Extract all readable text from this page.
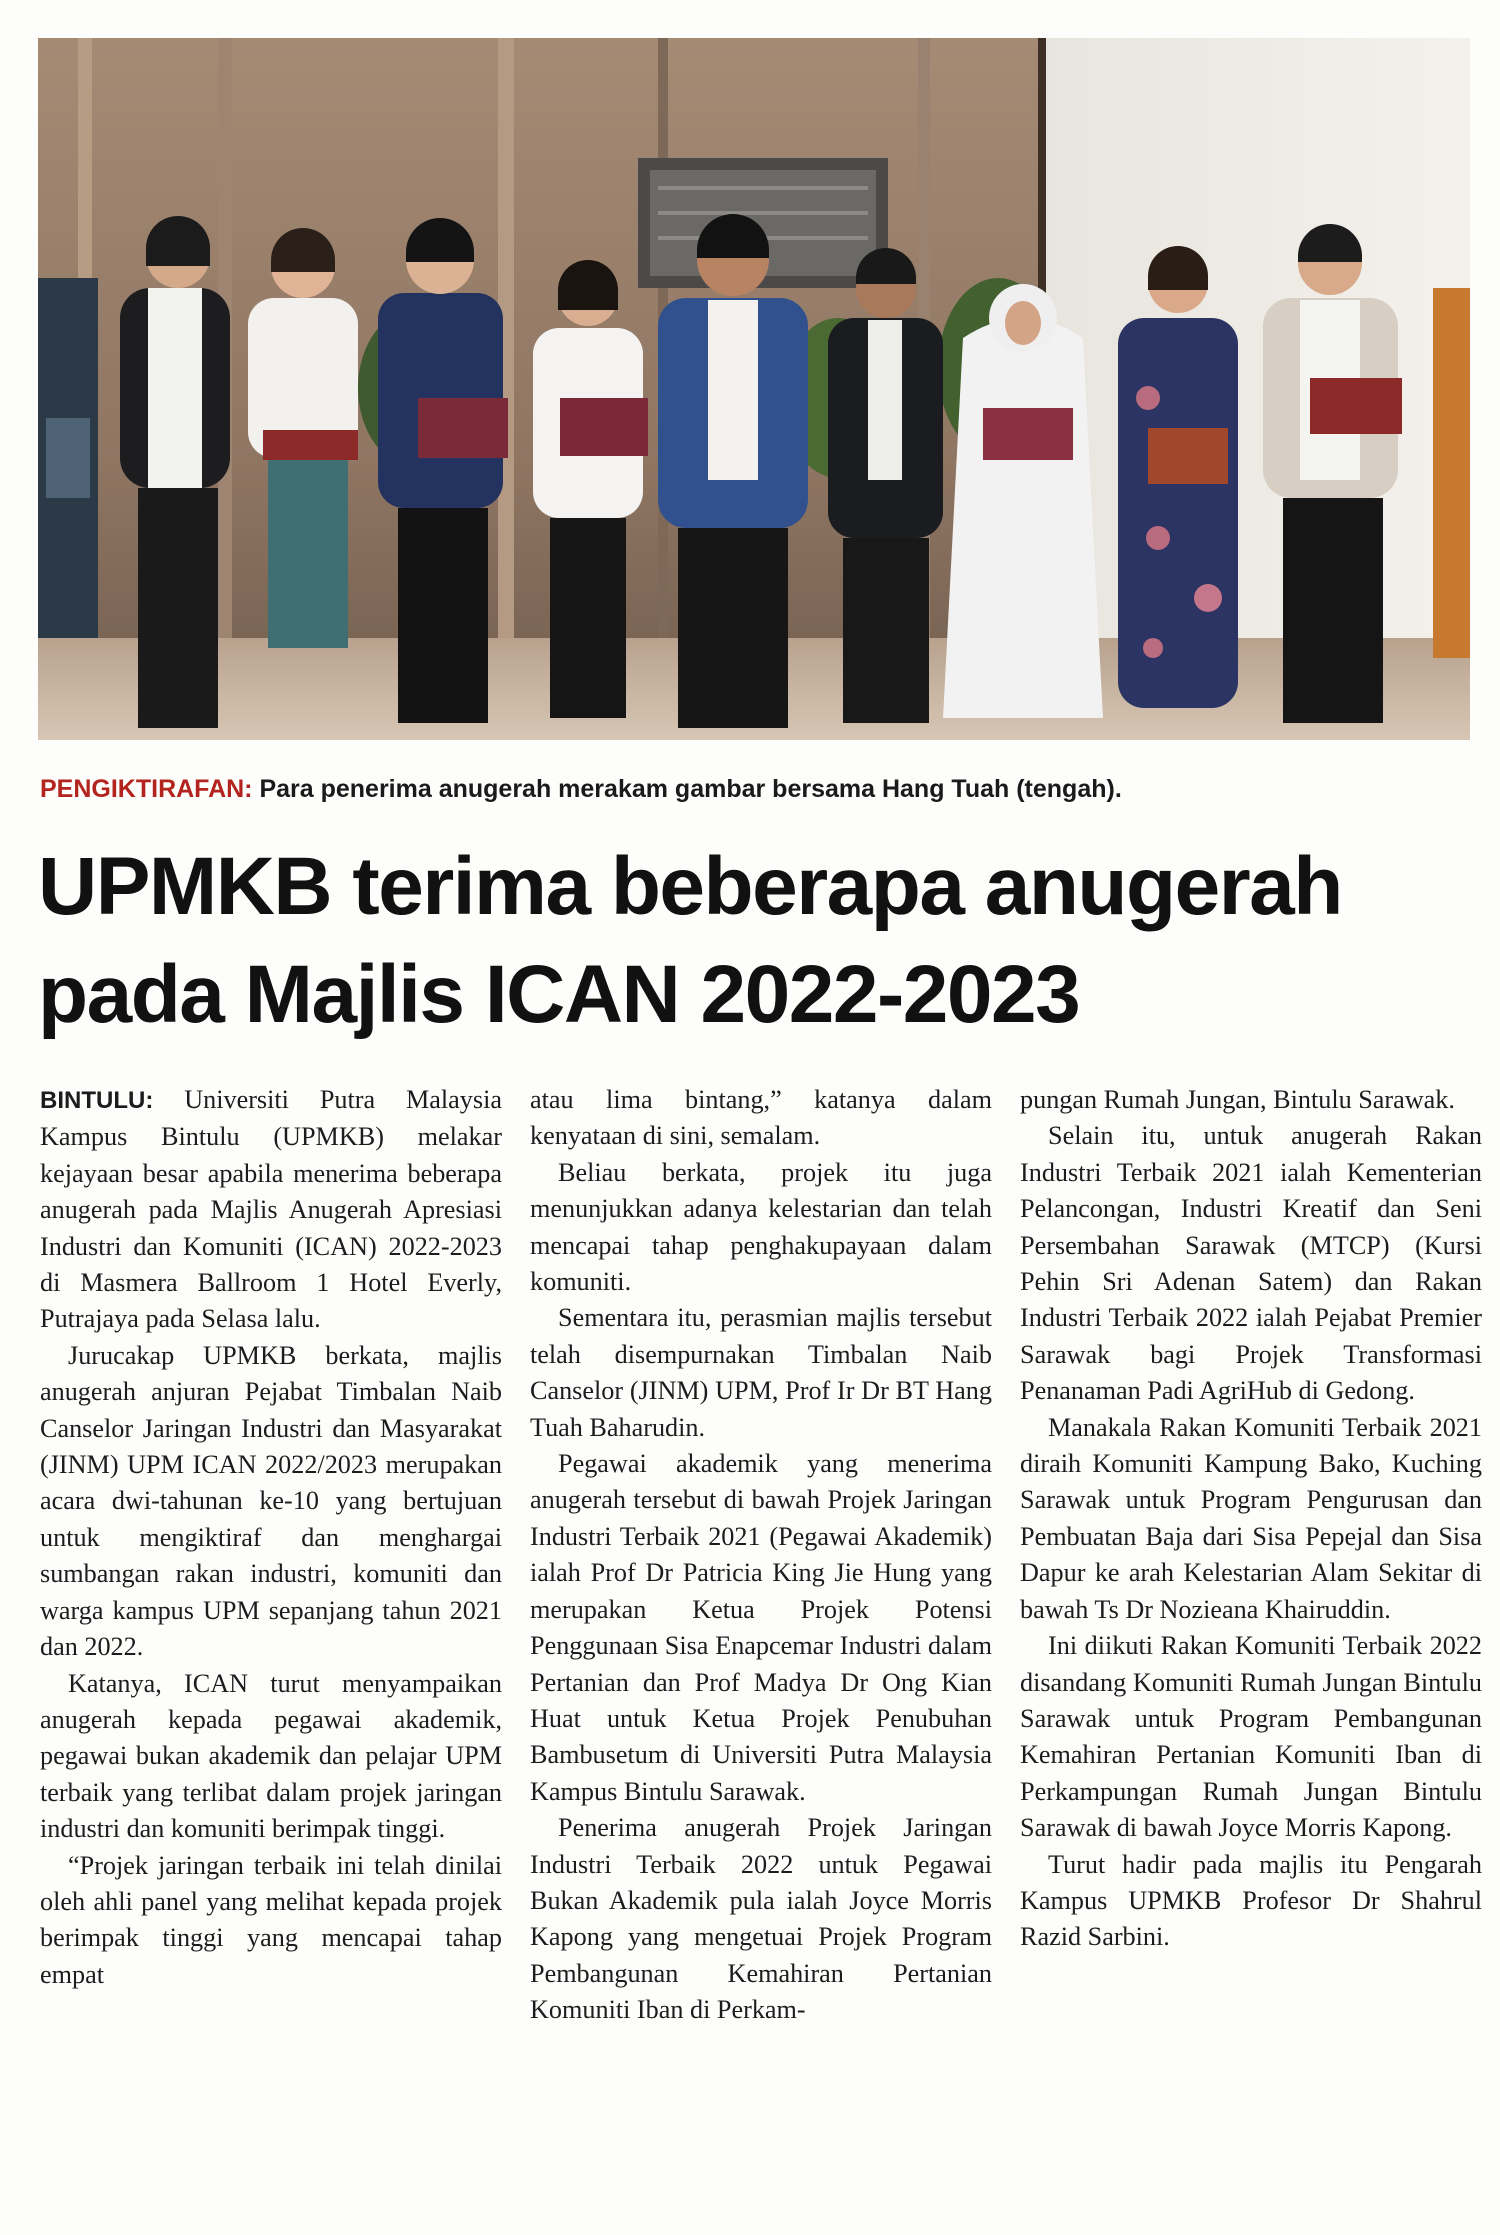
PENGIKTIRAFAN: Para penerima anugerah merakam gambar bersama Hang Tuah (tengah).
UPMKB terima beberapa anugerah
pada Majlis ICAN 2022-2023

BINTULU: Universiti Putra Malaysia Kampus Bintulu (UPMKB) melakar kejayaan besar apabila menerima beberapa anugerah pada Majlis Anugerah Apresiasi Industri dan Komuniti (ICAN) 2022-2023 di Masmera Ballroom 1 Hotel Everly, Putrajaya pada Selasa lalu.

Jurucakap UPMKB berkata, majlis anugerah anjuran Pejabat Timbalan Naib Canselor Jaringan Industri dan Masyarakat (JINM) UPM ICAN 2022/2023 merupakan acara dwi-tahunan ke-10 yang bertujuan untuk mengiktiraf dan menghargai sumbangan rakan industri, komuniti dan warga kampus UPM sepanjang tahun 2021 dan 2022.

Katanya, ICAN turut menyampaikan anugerah kepada pegawai akademik, pegawai bukan akademik dan pelajar UPM terbaik yang terlibat dalam projek jaringan industri dan komuniti berimpak tinggi.

“Projek jaringan terbaik ini telah dinilai oleh ahli panel yang melihat kepada projek berimpak tinggi yang mencapai tahap empat

atau lima bintang,” katanya dalam kenyataan di sini, semalam.

Beliau berkata, projek itu juga menunjukkan adanya kelestarian dan telah mencapai tahap penghakupayaan dalam komuniti.

Sementara itu, perasmian majlis tersebut telah disempurnakan Timbalan Naib Canselor (JINM) UPM, Prof Ir Dr BT Hang Tuah Baharudin.

Pegawai akademik yang menerima anugerah tersebut di bawah Projek Jaringan Industri Terbaik 2021 (Pegawai Akademik) ialah Prof Dr Patricia King Jie Hung yang merupakan Ketua Projek Potensi Penggunaan Sisa Enapcemar Industri dalam Pertanian dan Prof Madya Dr Ong Kian Huat untuk Ketua Projek Penubuhan Bambusetum di Universiti Putra Malaysia Kampus Bintulu Sarawak.

Penerima anugerah Projek Jaringan Industri Terbaik 2022 untuk Pegawai Bukan Akademik pula ialah Joyce Morris Kapong yang mengetuai Projek Program Pembangunan Kemahiran Pertanian Komuniti Iban di Perkam-

pungan Rumah Jungan, Bintulu Sarawak.

Selain itu, untuk anugerah Rakan Industri Terbaik 2021 ialah Kementerian Pelancongan, Industri Kreatif dan Seni Persembahan Sarawak (MTCP) (Kursi Pehin Sri Adenan Satem) dan Rakan Industri Terbaik 2022 ialah Pejabat Premier Sarawak bagi Projek Transformasi Penanaman Padi AgriHub di Gedong.

Manakala Rakan Komuniti Terbaik 2021 diraih Komuniti Kampung Bako, Kuching Sarawak untuk Program Pengurusan dan Pembuatan Baja dari Sisa Pepejal dan Sisa Dapur ke arah Kelestarian Alam Sekitar di bawah Ts Dr Nozieana Khairuddin.

Ini diikuti Rakan Komuniti Terbaik 2022 disandang Komuniti Rumah Jungan Bintulu Sarawak untuk Program Pembangunan Kemahiran Pertanian Komuniti Iban di Perkampungan Rumah Jungan Bintulu Sarawak di bawah Joyce Morris Kapong.

Turut hadir pada majlis itu Pengarah Kampus UPMKB Profesor Dr Shahrul Razid Sarbini.
